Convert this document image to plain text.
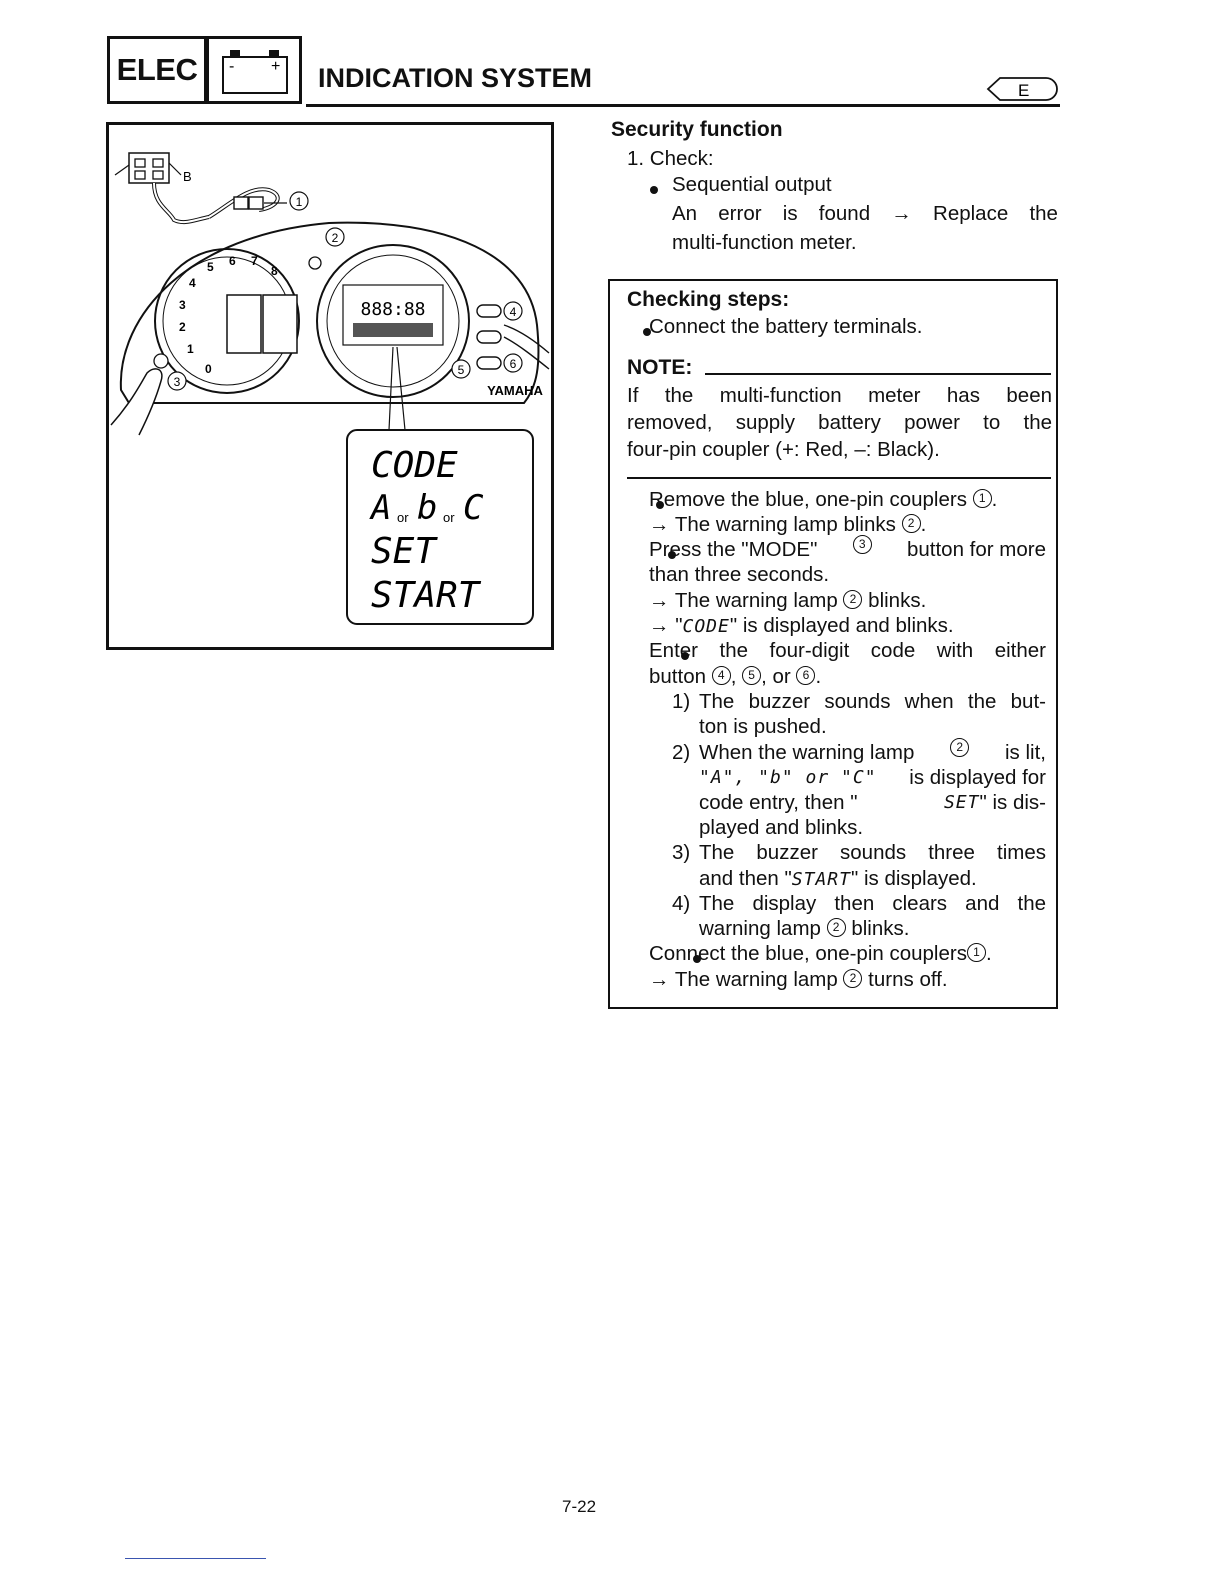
ELEC	- + INDICATION SYSTEM	E
B
1
0
1
2
3
4
5 6 7
8
888:88
2
4
5	6
YAMAHA
3
CODE
A or b or C
SET
START
Security function
1. Check:

Sequential output
An error is found → Replace the
multi-function meter.
Checking steps:

Connect the battery terminals.
NOTE:
If the multi-function meter has been
removed, supply battery power to the
four-pin coupler (+: Red, –: Black).

Remove the blue, one-pin couplers 1 .
→ The warning lamp blinks 2 .

Press the "MODE"	3	button for more
than three seconds.
→ The warning lamp 2 blinks.
→ "CODE" is displayed and blinks.

Enter the four-digit code with either
button 4 , 5 , or 6 .
1) The buzzer sounds when the but-
ton is pushed.
2) When the warning lamp	2	is lit,
"A", "b" or "C" is displayed for
code entry, then "	SET " is dis-
played and blinks.
3) The buzzer sounds three times
and then "START" is displayed.
4) The display then clears and the
warning lamp 2 blinks.
Connect the blue, one-pin couplers 1 .
→ The warning lamp 2 turns off.
7-22
